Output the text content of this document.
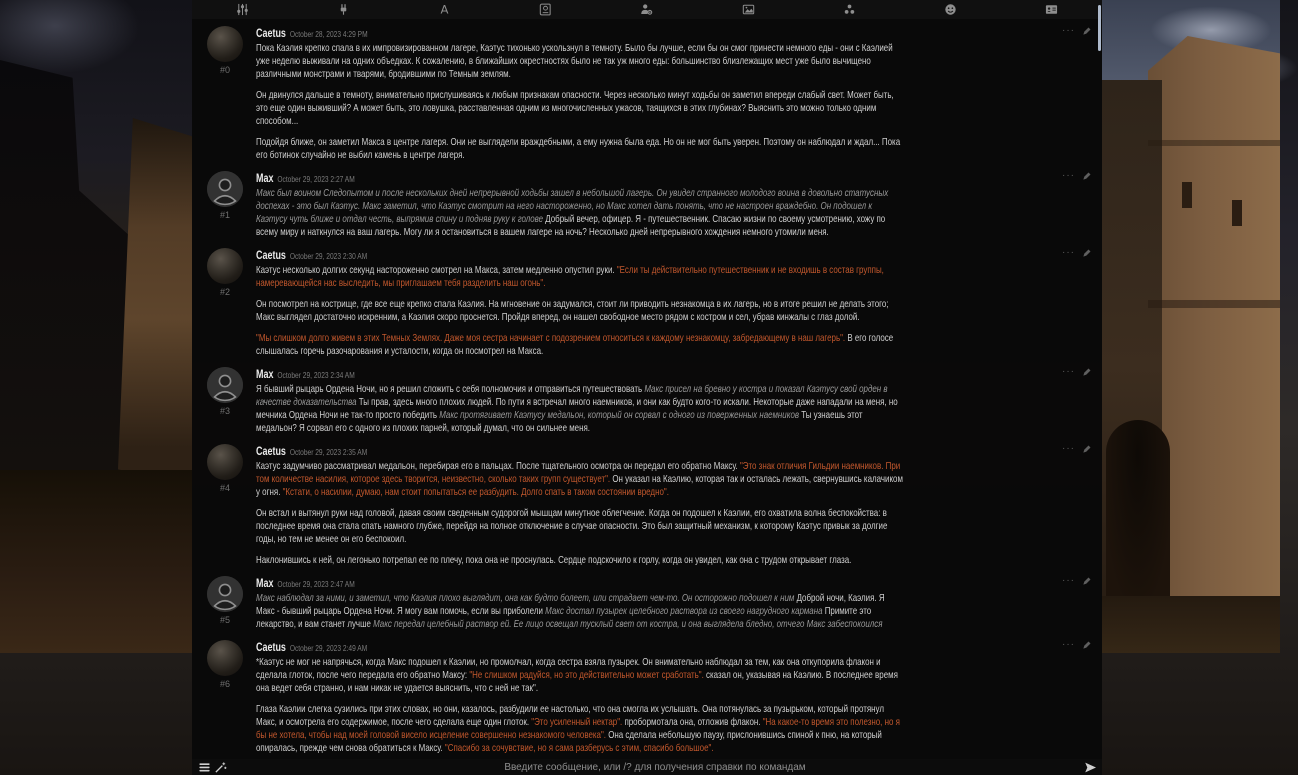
A
#0
Caetus October 28, 2023 4:29 PM

Пока Каэлия крепко спала в их импровизированном лагере, Каэтус тихонько ускользнул в темноту. Было бы лучше, если бы он смог принести немного еды - они с Каэлией уже неделю выживали на одних объедках. К сожалению, в ближайших окрестностях было не так уж много еды: большинство близлежащих мест уже было вычищено различными монстрами и тварями, бродившими по Темным землям.

Он двинулся дальше в темноту, внимательно прислушиваясь к любым признакам опасности. Через несколько минут ходьбы он заметил впереди слабый свет. Может быть, это еще один выживший? А может быть, это ловушка, расставленная одним из многочисленных ужасов, таящихся в этих глубинах? Выяснить это можно только одним способом...

Подойдя ближе, он заметил Макса в центре лагеря. Они не выглядели враждебными, а ему нужна была еда. Но он не мог быть уверен. Поэтому он наблюдал и ждал... Пока его ботинок случайно не выбил камень в центре лагеря.

···
#1
Max October 29, 2023 2:27 AM

Макс был воином Следопытом и после нескольких дней непрерывной ходьбы зашел в небольшой лагерь. Он увидел странного молодого воина в довольно статусных доспехах - это был Каэтус. Макс заметил, что Каэтус смотрит на него настороженно, но Макс хотел дать понять, что не настроен враждебно. Он подошел к Каэтусу чуть ближе и отдал честь, выпрямив спину и подняв руку к голове Добрый вечер, офицер. Я - путешественник. Спасаю жизни по своему усмотрению, хожу по всему миру и наткнулся на ваш лагерь. Могу ли я остановиться в вашем лагере на ночь? Несколько дней непрерывного хождения немного утомили меня.

···
#2
Caetus October 29, 2023 2:30 AM

Каэтус несколько долгих секунд настороженно смотрел на Макса, затем медленно опустил руки. "Если ты действительно путешественник и не входишь в состав группы, намеревающейся нас выследить, мы приглашаем тебя разделить наш огонь".

Он посмотрел на кострище, где все еще крепко спала Каэлия. На мгновение он задумался, стоит ли приводить незнакомца в их лагерь, но в итоге решил не делать этого; Макс выглядел достаточно искренним, а Каэлия скоро проснется. Пройдя вперед, он нашел свободное место рядом с костром и сел, убрав кинжалы с глаз долой.

"Мы слишком долго живем в этих Темных Землях. Даже моя сестра начинает с подозрением относиться к каждому незнакомцу, забредающему в наш лагерь". В его голосе слышалась горечь разочарования и усталости, когда он посмотрел на Макса.

···
#3
Max October 29, 2023 2:34 AM

Я бывший рыцарь Ордена Ночи, но я решил сложить с себя полномочия и отправиться путешествовать Макс присел на бревно у костра и показал Каэтусу свой орден в качестве доказательства Ты прав, здесь много плохих людей. По пути я встречал много наемников, и они как будто кого-то искали. Некоторые даже нападали на меня, но мечника Ордена Ночи не так-то просто победить Макс протягивает Каэтусу медальон, который он сорвал с одного из поверженных наемников Ты узнаешь этот медальон? Я сорвал его с одного из плохих парней, который думал, что он сильнее меня.

···
#4
Caetus October 29, 2023 2:35 AM

Каэтус задумчиво рассматривал медальон, перебирая его в пальцах. После тщательного осмотра он передал его обратно Максу. "Это знак отличия Гильдии наемников. При том количестве насилия, которое здесь творится, неизвестно, сколько таких групп существует". Он указал на Каэлию, которая так и осталась лежать, свернувшись калачиком у огня. "Кстати, о насилии, думаю, нам стоит попытаться ее разбудить. Долго спать в таком состоянии вредно".

Он встал и вытянул руки над головой, давая своим сведенным судорогой мышцам минутное облегчение. Когда он подошел к Каэлии, его охватила волна беспокойства: в последнее время она стала спать намного глубже, перейдя на полное отключение в случае опасности. Это был защитный механизм, к которому Каэтус привык за долгие годы, но тем не менее он его беспокоил.

Наклонившись к ней, он легонько потрепал ее по плечу, пока она не проснулась. Сердце подскочило к горлу, когда он увидел, как она с трудом открывает глаза.

···
#5
Max October 29, 2023 2:47 AM

Макс наблюдал за ними, и заметил, что Каэлия плохо выглядит, она как будто болеет, или страдает чем-то. Он осторожно подошел к ним Доброй ночи, Каэлия. Я Макс - бывший рыцарь Ордена Ночи. Я могу вам помочь, если вы приболели Макс достал пузырек целебного раствора из своего нагрудного кармана Примите это лекарство, и вам станет лучше Макс передал целебный раствор ей. Ее лицо освещал тусклый свет от костра, и она выглядела бледно, отчего Макс забеспокоился

···
#6
Caetus October 29, 2023 2:49 AM

*Каэтус не мог не напрячься, когда Макс подошел к Каэлии, но промолчал, когда сестра взяла пузырек. Он внимательно наблюдал за тем, как она откупорила флакон и сделала глоток, после чего передала его обратно Максу: "Не слишком радуйся, но это действительно может сработать". сказал он, указывая на Каэлию. В последнее время она ведет себя странно, и нам никак не удается выяснить, что с ней не так".

Глаза Каэлии слегка сузились при этих словах, но они, казалось, разбудили ее настолько, что она смогла их услышать. Она потянулась за пузырьком, который протянул Макс, и осмотрела его содержимое, после чего сделала еще один глоток. "Это усиленный нектар". пробормотала она, отложив флакон. "На какое-то время это полезно, но я бы не хотела, чтобы над моей головой висело исцеление совершенно незнакомого человека". Она сделала небольшую паузу, прислонившись спиной к пню, на который опиралась, прежде чем снова обратиться к Максу. "Спасибо за сочувствие, но я сама разберусь с этим, спасибо большое".

···
Введите сообщение, или /? для получения справки по командам
